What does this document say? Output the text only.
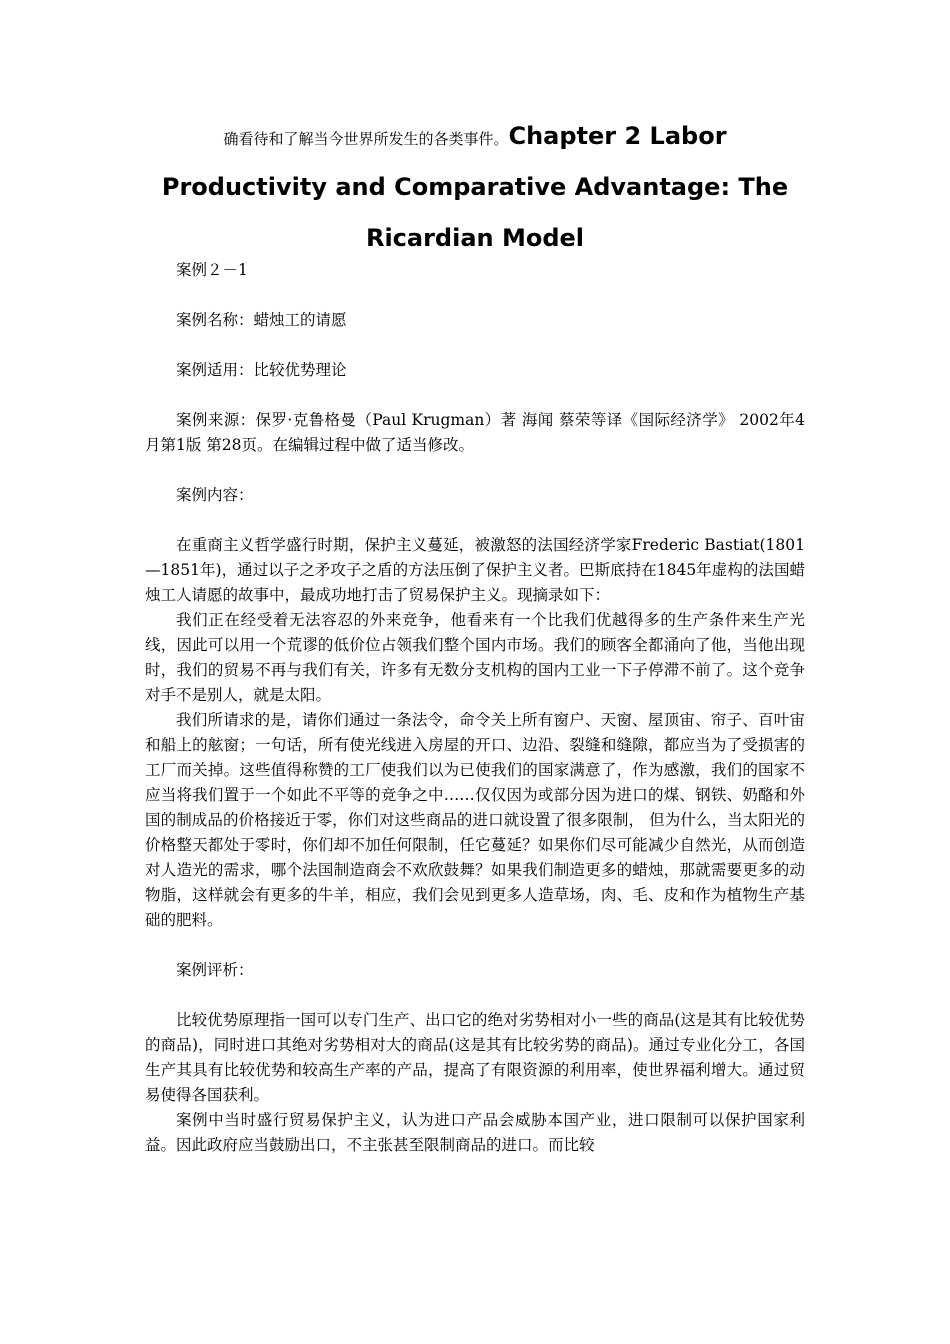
确看待和了解当今世界所发生的各类事件。Chapter 2 Labor Productivity and Comparative Advantage: The Ricardian Model

案例２－1

案例名称：蜡烛工的请愿

案例适用：比较优势理论

案例来源：保罗·克鲁格曼（Paul Krugman）著 海闻 蔡荣等译《国际经济学》 2002年4月第1版 第28页。在编辑过程中做了适当修改。

案例内容：

在重商主义哲学盛行时期，保护主义蔓延，被激怒的法国经济学家Frederic Bastiat(1801—1851年)，通过以子之矛攻子之盾的方法压倒了保护主义者。巴斯底持在1845年虚构的法国蜡烛工人请愿的故事中，最成功地打击了贸易保护主义。现摘录如下：

我们正在经受着无法容忍的外来竞争，他看来有一个比我们优越得多的生产条件来生产光线，因此可以用一个荒谬的低价位占领我们整个国内市场。我们的顾客全都涌向了他，当他出现时，我们的贸易不再与我们有关，许多有无数分支机构的国内工业一下子停滞不前了。这个竞争对手不是别人，就是太阳。

我们所请求的是，请你们通过一条法令，命令关上所有窗户、天窗、屋顶宙、帘子、百叶宙和船上的舷窗；一句话，所有使光线进入房屋的开口、边沿、裂缝和缝隙，都应当为了受损害的工厂而关掉。这些值得称赞的工厂使我们以为已使我们的国家满意了，作为感激，我们的国家不应当将我们置于一个如此不平等的竞争之中……仅仅因为或部分因为进口的煤、钢铁、奶酪和外国的制成品的价格接近于零，你们对这些商品的进口就设置了很多限制， 但为什么，当太阳光的价格整天都处于零时，你们却不加任何限制，任它蔓延？如果你们尽可能减少自然光，从而创造对人造光的需求，哪个法国制造商会不欢欣鼓舞？如果我们制造更多的蜡烛，那就需要更多的动物脂，这样就会有更多的牛羊，相应，我们会见到更多人造草场，肉、毛、皮和作为植物生产基础的肥料。

案例评析：

比较优势原理指一国可以专门生产、出口它的绝对劣势相对小一些的商品(这是其有比较优势的商品)，同时进口其绝对劣势相对大的商品(这是其有比较劣势的商品)。通过专业化分工，各国生产其具有比较优势和较高生产率的产品，提高了有限资源的利用率，使世界福利增大。通过贸易使得各国获利。

案例中当时盛行贸易保护主义，认为进口产品会威胁本国产业，进口限制可以保护国家利益。因此政府应当鼓励出口，不主张甚至限制商品的进口。而比较
